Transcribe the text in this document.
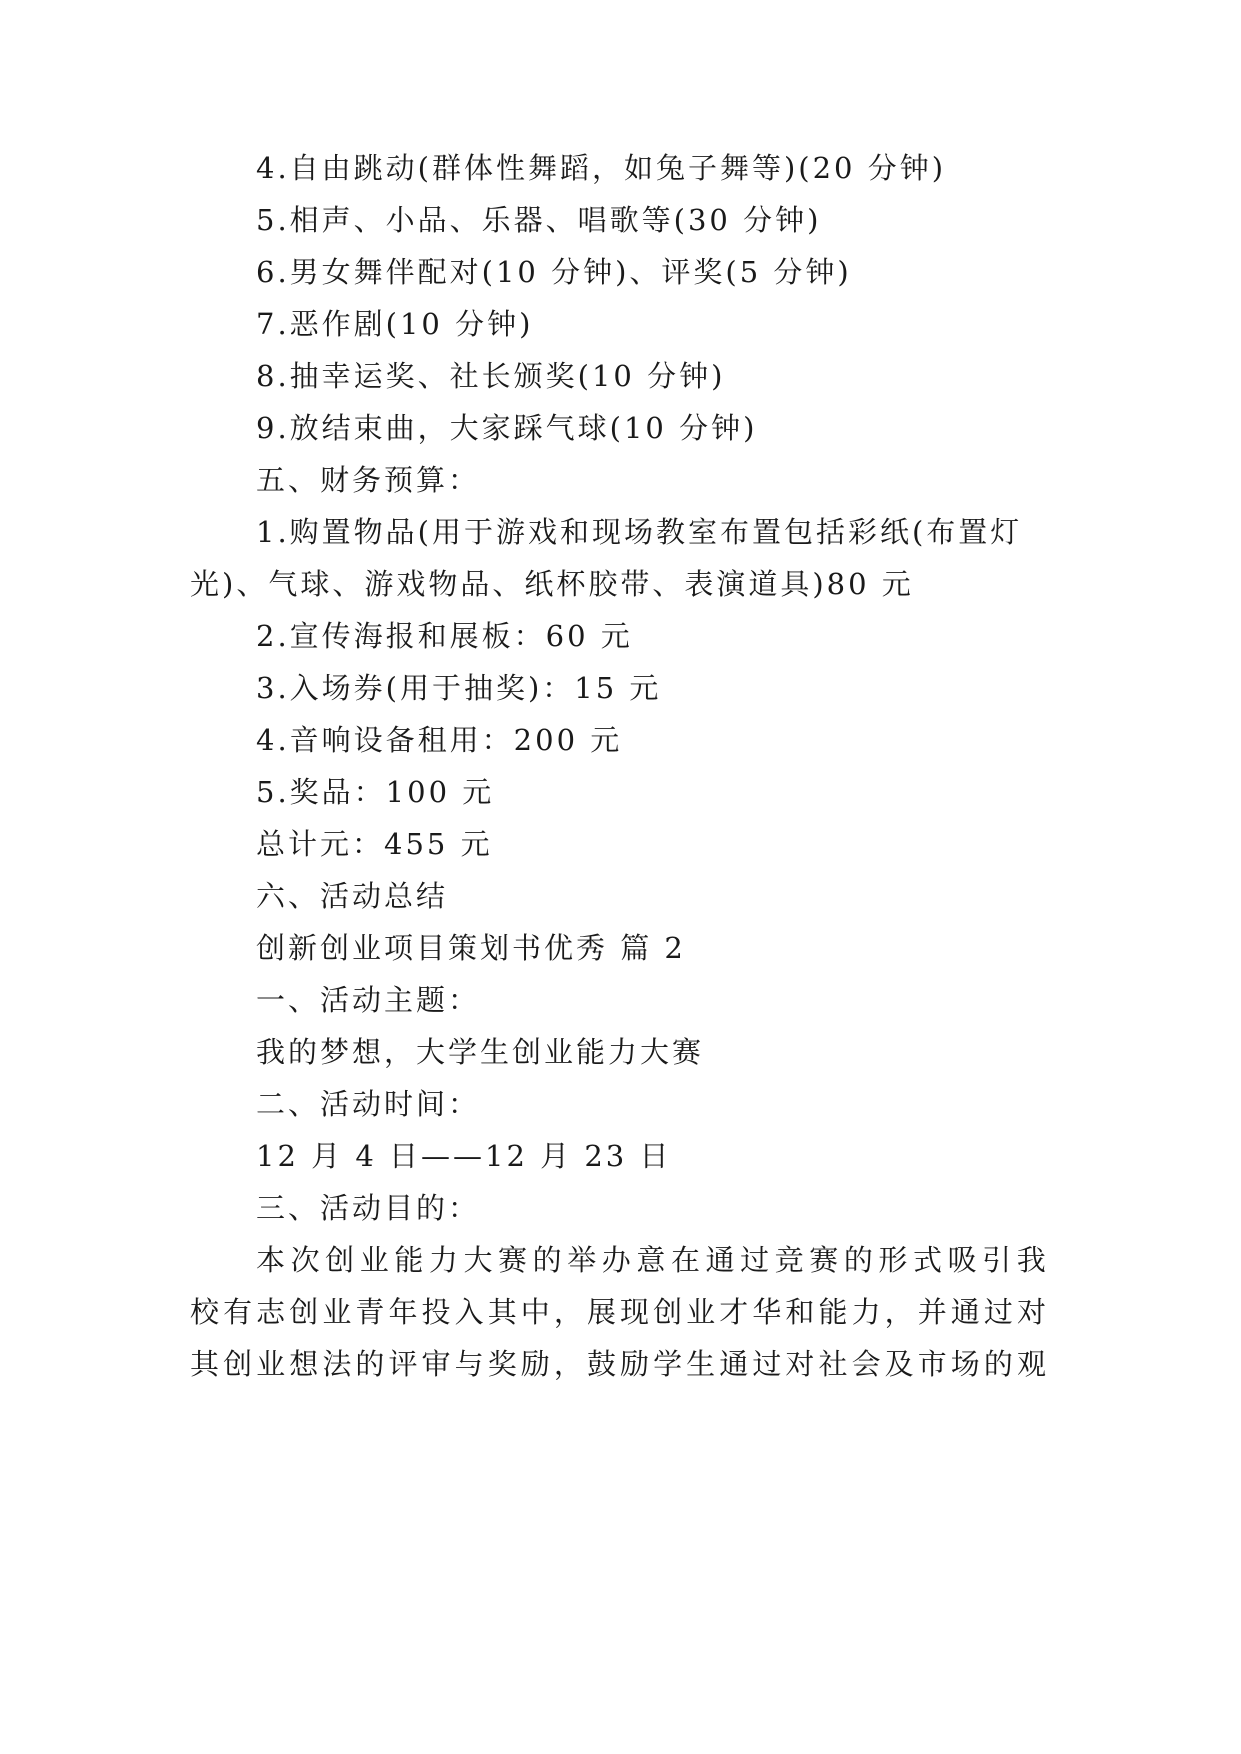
4.自由跳动(群体性舞蹈，如兔子舞等)(20 分钟)
5.相声、小品、乐器、唱歌等(30 分钟)
6.男女舞伴配对(10 分钟)、评奖(5 分钟)
7.恶作剧(10 分钟)
8.抽幸运奖、社长颁奖(10 分钟)
9.放结束曲，大家踩气球(10 分钟)
五、财务预算：
1.购置物品(用于游戏和现场教室布置包括彩纸(布置灯
光)、气球、游戏物品、纸杯胶带、表演道具)80 元
2.宣传海报和展板：60 元
3.入场券(用于抽奖)：15 元
4.音响设备租用：200 元
5.奖品：100 元
总计元：455 元
六、活动总结
创新创业项目策划书优秀 篇 2
一、活动主题：
我的梦想，大学生创业能力大赛
二、活动时间：
12 月 4 日——12 月 23 日
三、活动目的：
本 次 创 业 能 力 大 赛 的 举 办 意 在 通 过 竞 赛 的 形 式 吸 引 我
校 有 志 创 业 青 年 投 入 其 中 ， 展 现 创 业 才 华 和 能 力 ， 并 通 过 对
其 创 业 想 法 的 评 审 与 奖 励 ， 鼓 励 学 生 通 过 对 社 会 及 市 场 的 观
